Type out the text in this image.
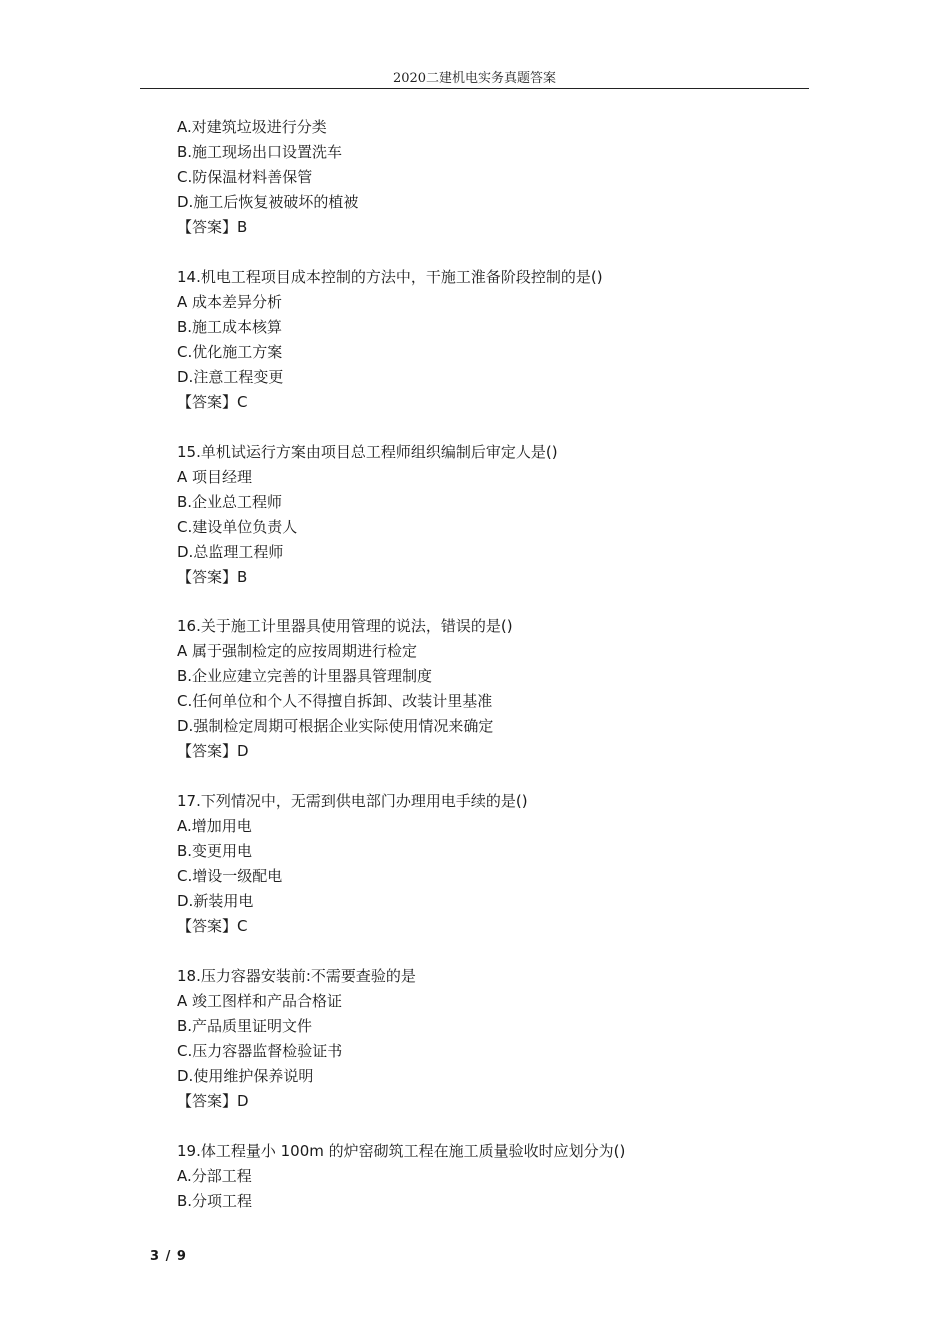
2020二建机电实务真题答案
A.对建筑垃圾进行分类
B.施工现场出口设置洗车
C.防保温材料善保管
D.施工后恢复被破坏的植被
【答案】B
14.机电工程项目成本控制的方法中，干施工淮备阶段控制的是()
A 成本差异分析
B.施工成本核算
C.优化施工方案
D.注意工程变更
【答案】C
15.单机试运行方案由项目总工程师组织编制后审定人是()
A 项目经理
B.企业总工程师
C.建设单位负责人
D.总监理工程师
【答案】B
16.关于施工计里器具使用管理的说法，错误的是()
A 属于强制检定的应按周期进行检定
B.企业应建立完善的计里器具管理制度
C.任何单位和个人不得擅自拆卸、改装计里基准
D.强制检定周期可根据企业实际使用情况来确定
【答案】D
17.下列情况中，无需到供电部门办理用电手续的是()
A.增加用电
B.变更用电
C.增设一级配电
D.新装用电
【答案】C
18.压力容器安装前:不需要查验的是
A 竣工图样和产品合格证
B.产品质里证明文件
C.压力容器监督检验证书
D.使用维护保养说明
【答案】D
19.体工程量小 100m 的炉窑砌筑工程在施工质量验收时应划分为()
A.分部工程
B.分项工程
3 / 9
